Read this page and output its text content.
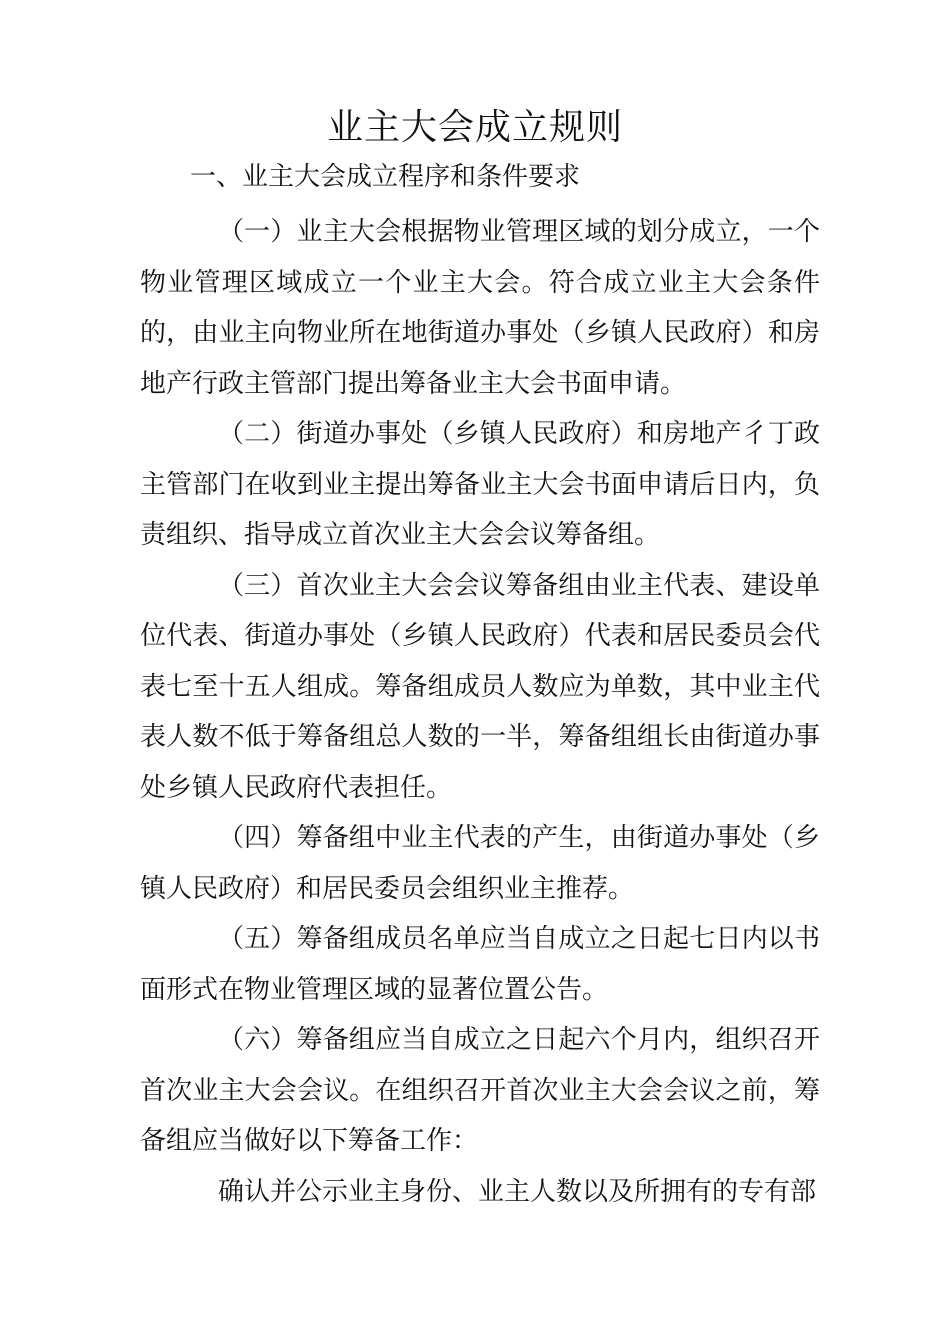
业主大会成立规则
一、业主大会成立程序和条件要求

（一）业主大会根据物业管理区域的划分成立，一个物业管理区域成立一个业主大会。符合成立业主大会条件的，由业主向物业所在地街道办事处（乡镇人民政府）和房地产行政主管部门提出筹备业主大会书面申请。

（二）街道办事处（乡镇人民政府）和房地产彳丁政主管部门在收到业主提出筹备业主大会书面申请后日内，负责组织、指导成立首次业主大会会议筹备组。

（三）首次业主大会会议筹备组由业主代表、建设单位代表、街道办事处（乡镇人民政府）代表和居民委员会代表七至十五人组成。筹备组成员人数应为单数，其中业主代表人数不低于筹备组总人数的一半，筹备组组长由街道办事处乡镇人民政府代表担任。

（四）筹备组中业主代表的产生，由街道办事处（乡镇人民政府）和居民委员会组织业主推荐。

（五）筹备组成员名单应当自成立之日起七日内以书面形式在物业管理区域的显著位置公告。

（六）筹备组应当自成立之日起六个月内，组织召开首次业主大会会议。在组织召开首次业主大会会议之前，筹备组应当做好以下筹备工作：

确认并公示业主身份、业主人数以及所拥有的专有部
